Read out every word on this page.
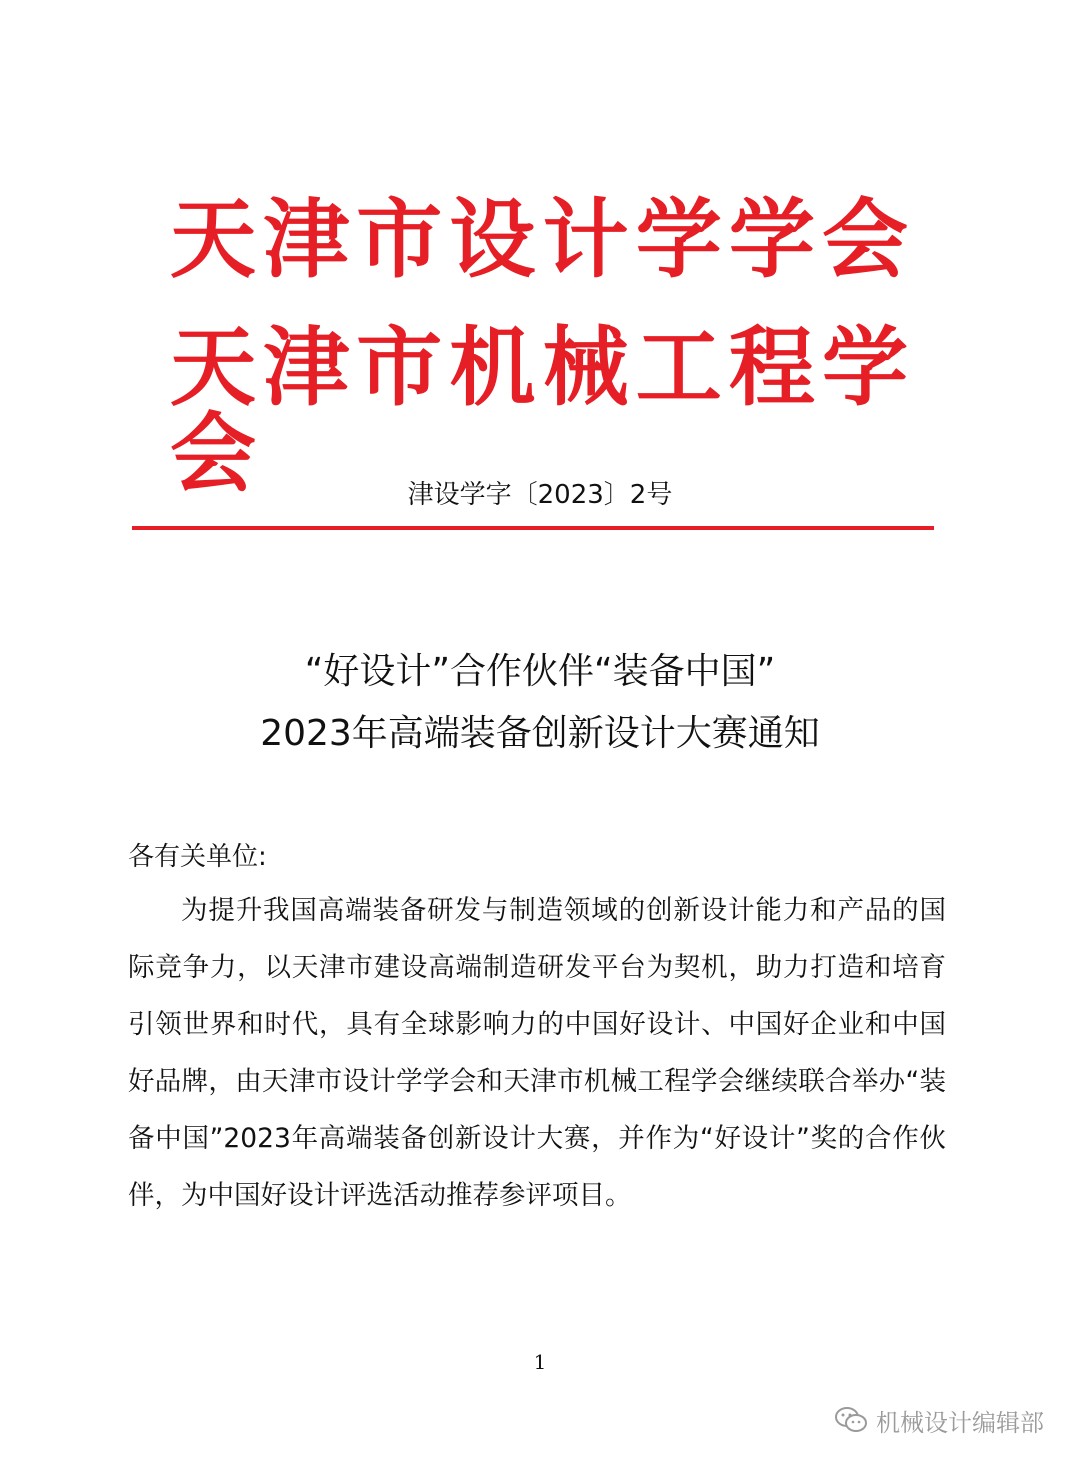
天津市设计学学会
天津市机械工程学会	津设学字〔2023〕2号
“好设计”合作伙伴“装备中国”
2023年高端装备创新设计大赛通知
各有关单位:

为提升我国高端装备研发与制造领域的创新设计能力和产品的国际竞争力，以天津市建设高端制造研发平台为契机，助力打造和培育引领世界和时代，具有全球影响力的中国好设计、中国好企业和中国好品牌，由天津市设计学学会和天津市机械工程学会继续联合举办“装备中国”2023年高端装备创新设计大赛，并作为“好设计”奖的合作伙伴，为中国好设计评选活动推荐参评项目。

1
机械设计编辑部
